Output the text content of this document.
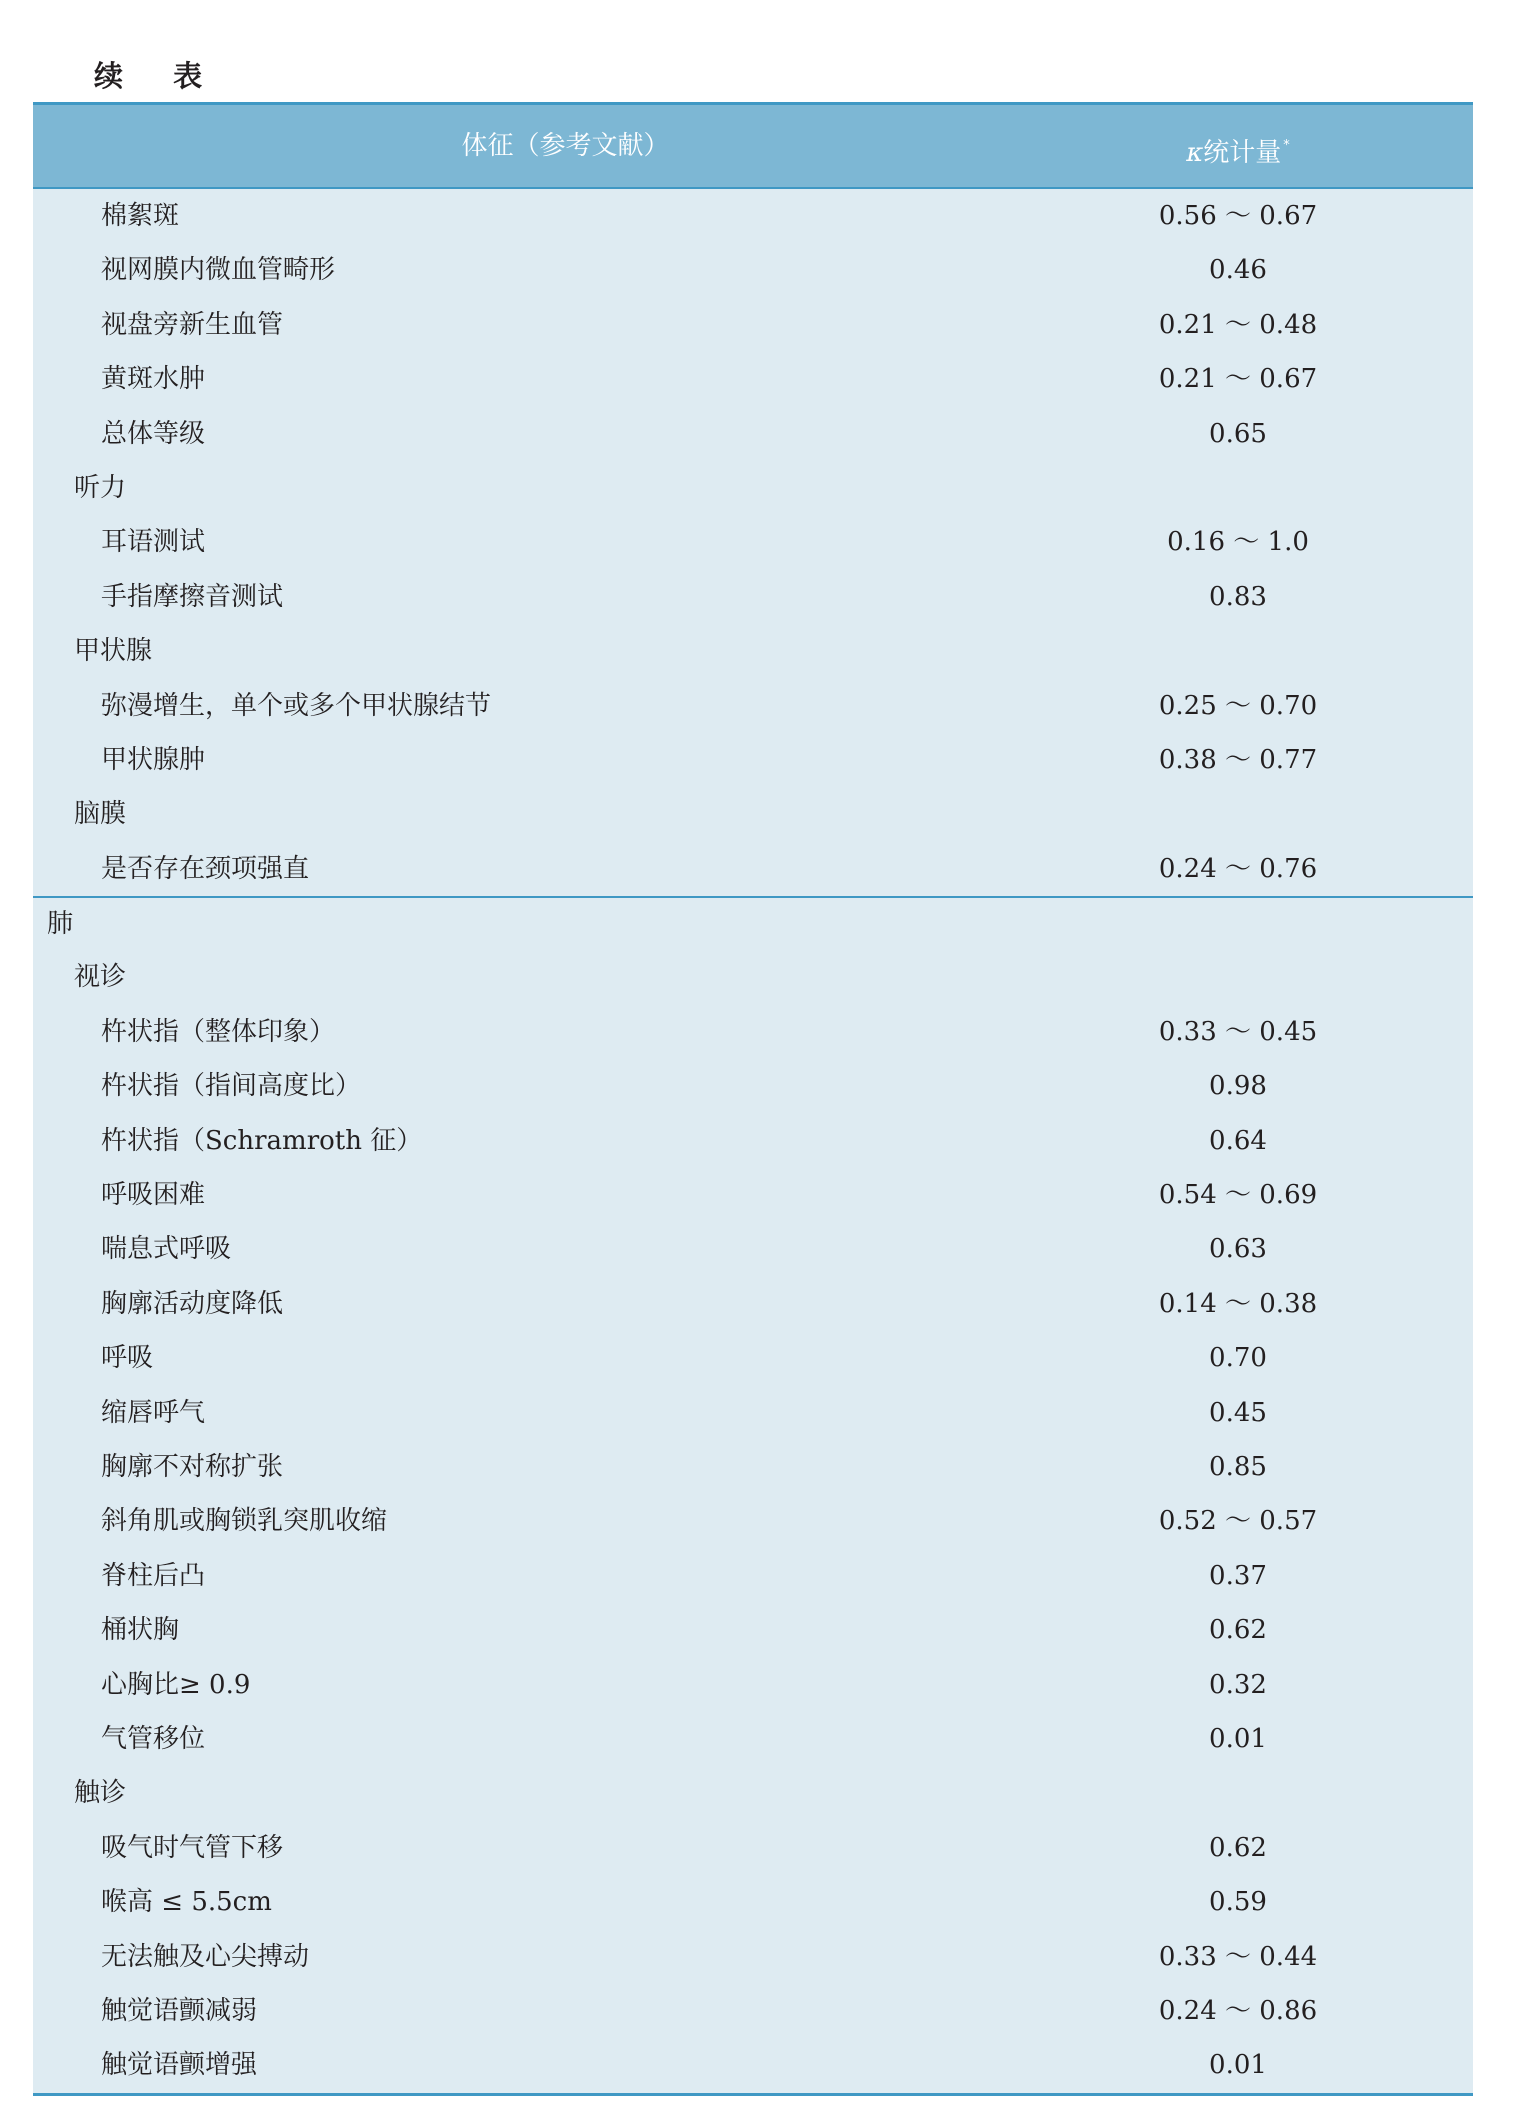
续 表
体征（参考文献）	κ统计量 *
棉絮斑	0.56 ～ 0.67
视网膜内微血管畸形	0.46
视盘旁新生血管	0.21 ～ 0.48
黄斑水肿	0.21 ～ 0.67
总体等级	0.65
听力
耳语测试	0.16 ～ 1.0
手指摩擦音测试	0.83
甲状腺
弥漫增生，单个或多个甲状腺结节	0.25 ～ 0.70
甲状腺肿	0.38 ～ 0.77
脑膜
是否存在颈项强直	0.24 ～ 0.76
肺
视诊
杵状指（整体印象）	0.33 ～ 0.45
杵状指（指间高度比）	0.98
杵状指（Schramroth 征）	0.64
呼吸困难	0.54 ～ 0.69
喘息式呼吸	0.63
胸廓活动度降低	0.14 ～ 0.38
呼吸	0.70
缩唇呼气	0.45
胸廓不对称扩张	0.85
斜角肌或胸锁乳突肌收缩	0.52 ～ 0.57
脊柱后凸	0.37
桶状胸	0.62
心胸比≥ 0.9	0.32
气管移位	0.01
触诊
吸气时气管下移	0.62
喉高 ≤ 5.5cm	0.59
无法触及心尖搏动	0.33 ～ 0.44
触觉语颤减弱	0.24 ～ 0.86
触觉语颤增强	0.01
